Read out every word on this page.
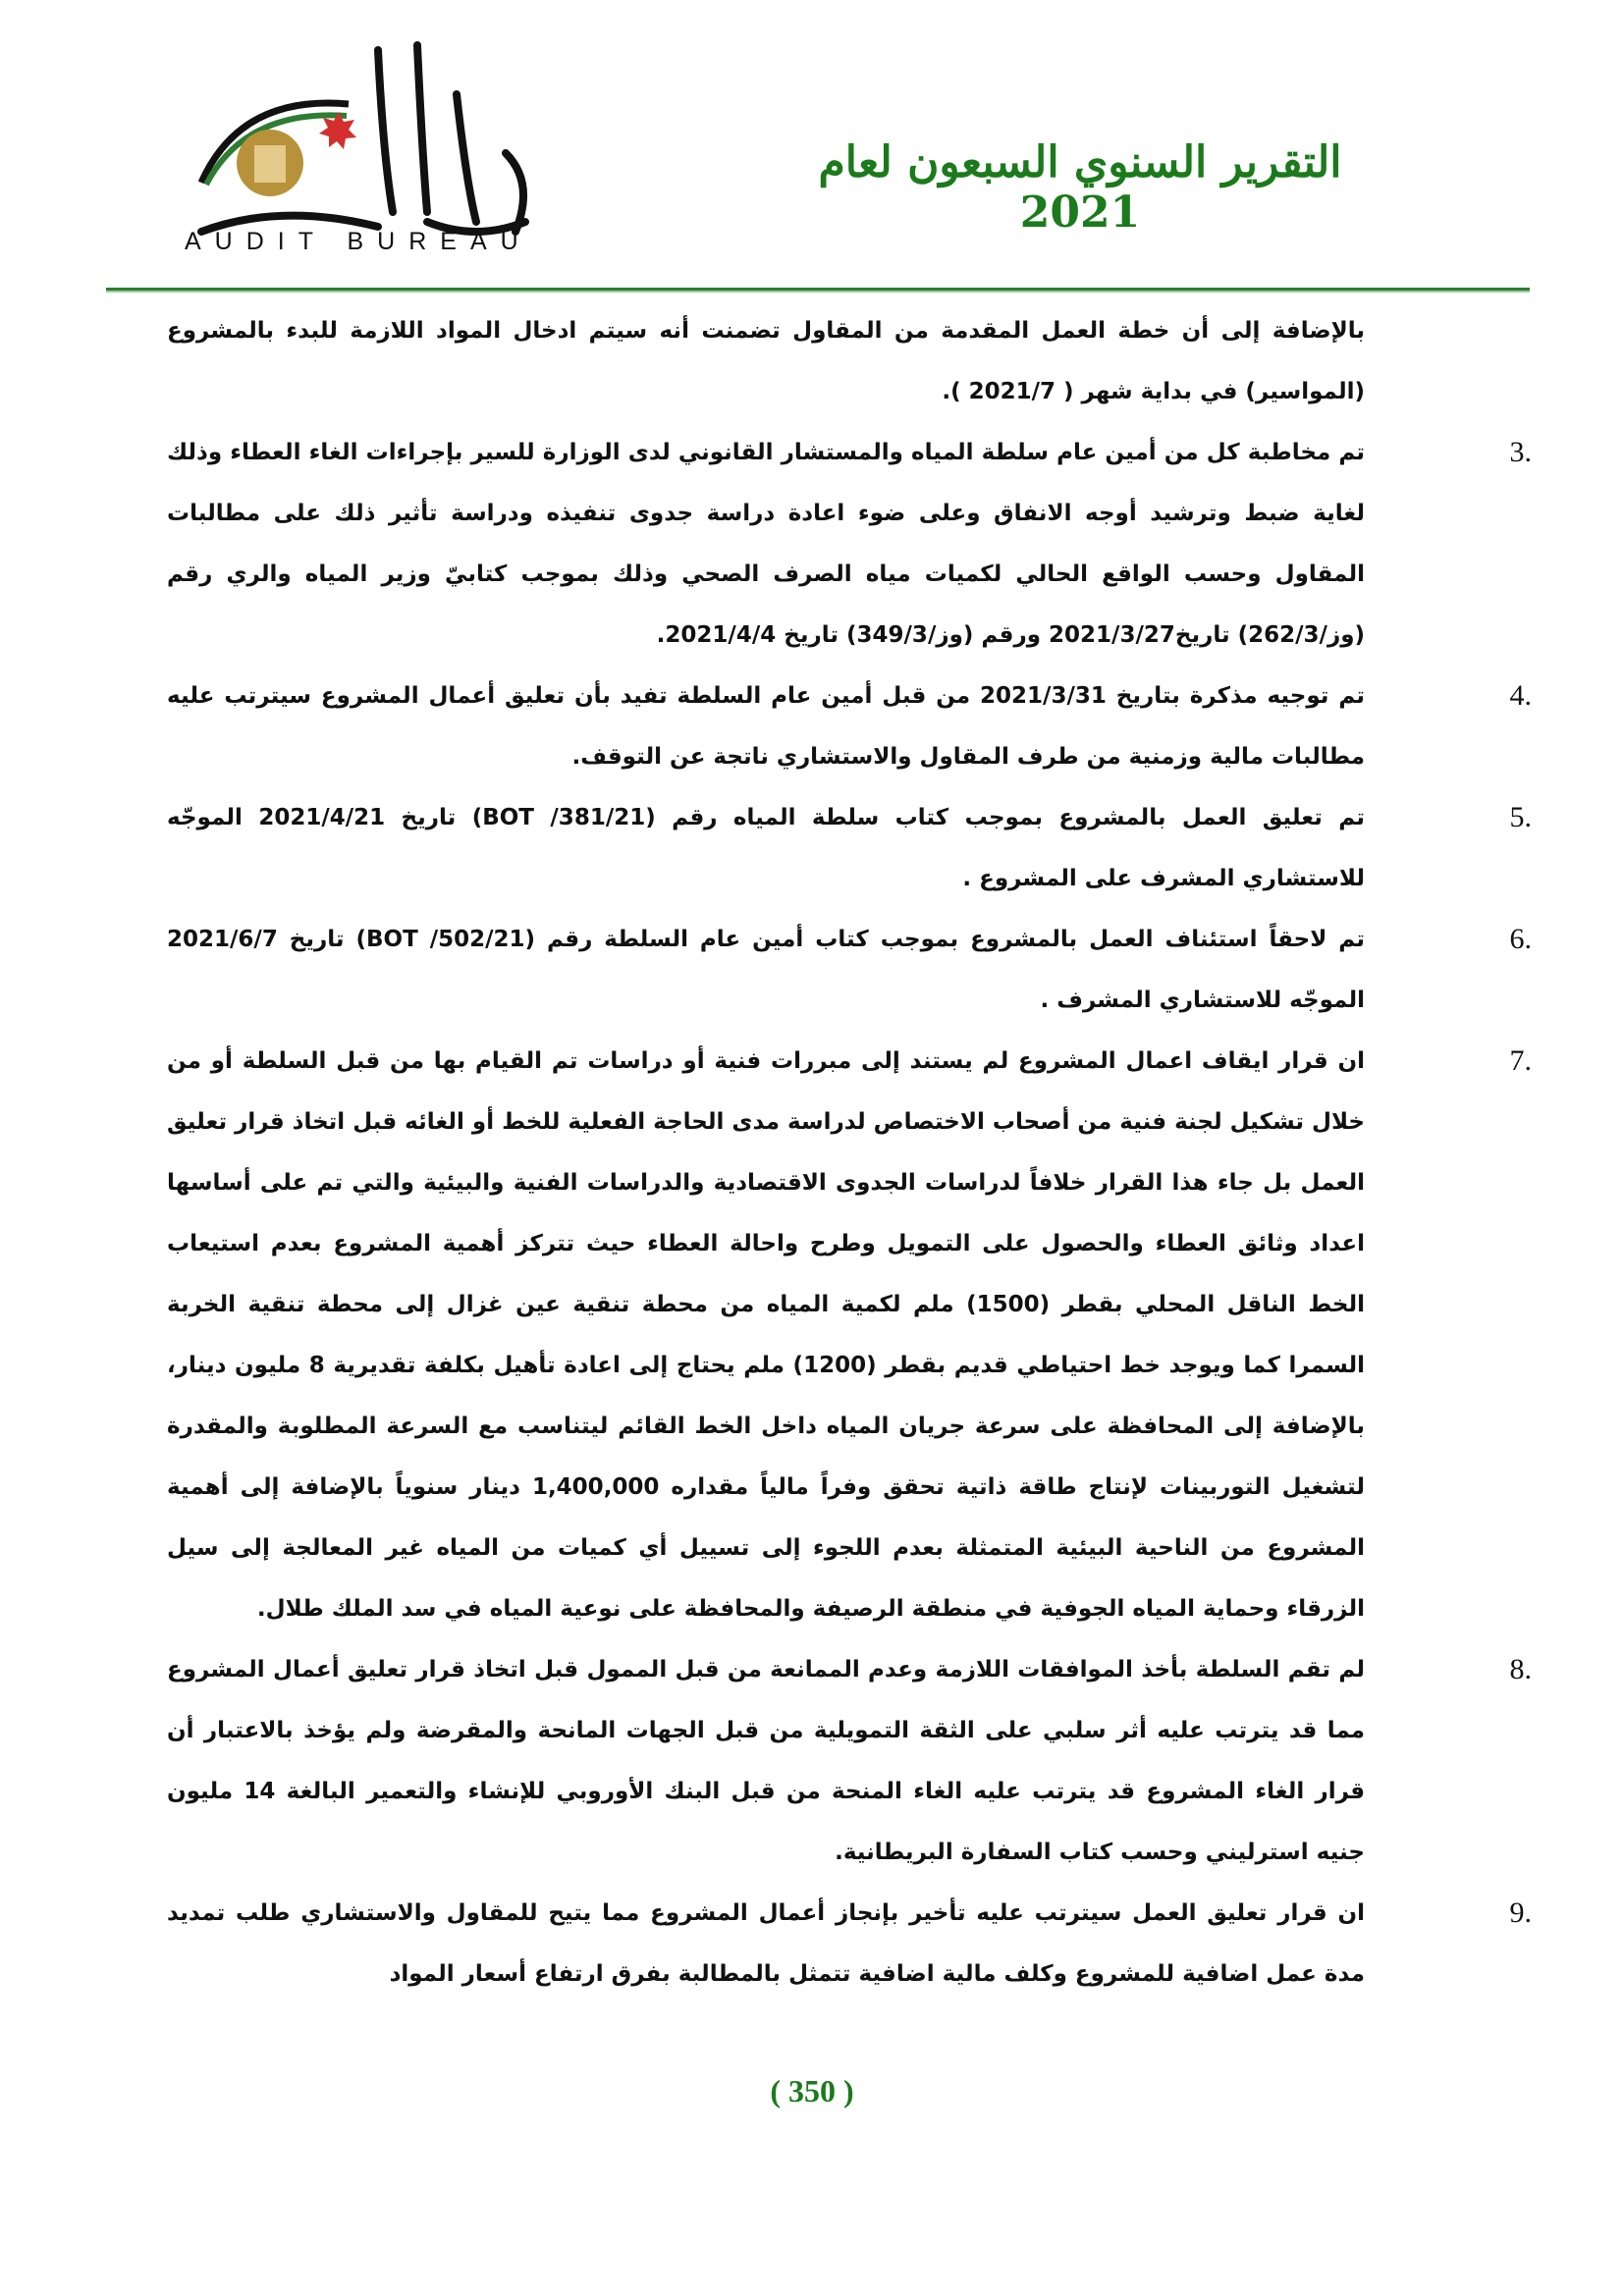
AUDIT BUREAU
التقرير السنوي السبعون لعام 2021
بالإضافة إلى أن خطة العمل المقدمة من المقاول تضمنت أنه سيتم ادخال المواد اللازمة للبدء بالمشروع (المواسير) في بداية شهر ( 2021/7 ).
3.
تم مخاطبة كل من أمين عام سلطة المياه والمستشار القانوني لدى الوزارة للسير بإجراءات الغاء العطاء وذلك لغاية ضبط وترشيد أوجه الانفاق وعلى ضوء اعادة دراسة جدوى تنفيذه ودراسة تأثير ذلك على مطالبات المقاول وحسب الواقع الحالي لكميات مياه الصرف الصحي وذلك بموجب كتابيّ وزير المياه والري رقم (وز/262/3) تاريخ2021/3/27 ورقم (وز/349/3) تاريخ 2021/4/4.
4.
تم توجيه مذكرة بتاريخ 2021/3/31 من قبل أمين عام السلطة تفيد بأن تعليق أعمال المشروع سيترتب عليه مطالبات مالية وزمنية من طرف المقاول والاستشاري ناتجة عن التوقف.
5.
تم تعليق العمل بالمشروع بموجب كتاب سلطة المياه رقم (BOT /381/21) تاريخ 2021/4/21 الموجّه للاستشاري المشرف على المشروع .
6.
تم لاحقاً استئناف العمل بالمشروع بموجب كتاب أمين عام السلطة رقم (BOT /502/21) تاريخ 2021/6/7 الموجّه للاستشاري المشرف .
7.
ان قرار ايقاف اعمال المشروع لم يستند إلى مبررات فنية أو دراسات تم القيام بها من قبل السلطة أو من خلال تشكيل لجنة فنية من أصحاب الاختصاص لدراسة مدى الحاجة الفعلية للخط أو الغائه قبل اتخاذ قرار تعليق العمل بل جاء هذا القرار خلافاً لدراسات الجدوى الاقتصادية والدراسات الفنية والبيئية والتي تم على أساسها اعداد وثائق العطاء والحصول على التمويل وطرح واحالة العطاء حيث تتركز أهمية المشروع بعدم استيعاب الخط الناقل المحلي بقطر (1500) ملم لكمية المياه من محطة تنقية عين غزال إلى محطة تنقية الخربة السمرا كما ويوجد خط احتياطي قديم بقطر (1200) ملم يحتاج إلى اعادة تأهيل بكلفة تقديرية 8 مليون دينار، بالإضافة إلى المحافظة على سرعة جريان المياه داخل الخط القائم ليتناسب مع السرعة المطلوبة والمقدرة لتشغيل التوربينات لإنتاج طاقة ذاتية تحقق وفراً مالياً مقداره 1,400,000 دينار سنوياً بالإضافة إلى أهمية المشروع من الناحية البيئية المتمثلة بعدم اللجوء إلى تسييل أي كميات من المياه غير المعالجة إلى سيل الزرقاء وحماية المياه الجوفية في منطقة الرصيفة والمحافظة على نوعية المياه في سد الملك طلال.
8.
لم تقم السلطة بأخذ الموافقات اللازمة وعدم الممانعة من قبل الممول قبل اتخاذ قرار تعليق أعمال المشروع مما قد يترتب عليه أثر سلبي على الثقة التمويلية من قبل الجهات المانحة والمقرضة ولم يؤخذ بالاعتبار أن قرار الغاء المشروع قد يترتب عليه الغاء المنحة من قبل البنك الأوروبي للإنشاء والتعمير البالغة 14 مليون جنيه استرليني وحسب كتاب السفارة البريطانية.
9.
ان قرار تعليق العمل سيترتب عليه تأخير بإنجاز أعمال المشروع مما يتيح للمقاول والاستشاري طلب تمديد مدة عمل اضافية للمشروع وكلف مالية اضافية تتمثل بالمطالبة بفرق ارتفاع أسعار المواد
( 350 )
